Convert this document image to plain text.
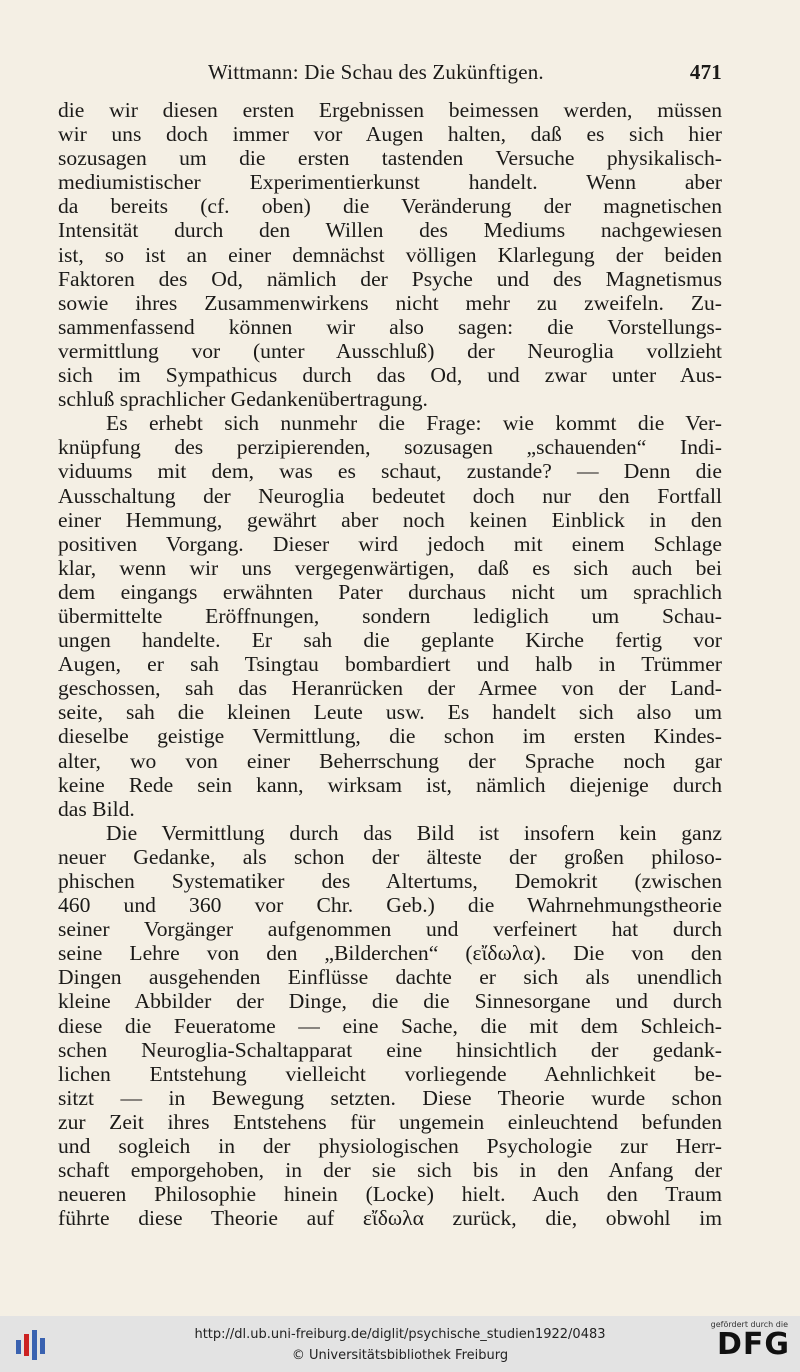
Wittmann: Die Schau des Zukünftigen.	471
die wir diesen ersten Ergebnissen beimessen werden, müssen
wir uns doch immer vor Augen halten, daß es sich hier
sozusagen um die ersten tastenden Versuche physikalisch-
mediumistischer Experimentierkunst handelt. Wenn aber
da bereits (cf. oben) die Veränderung der magnetischen
Intensität durch den Willen des Mediums nachgewiesen
ist, so ist an einer demnächst völligen Klarlegung der beiden
Faktoren des Od, nämlich der Psyche und des Magnetismus
sowie ihres Zusammenwirkens nicht mehr zu zweifeln. Zu-
sammenfassend können wir also sagen: die Vorstellungs-
vermittlung vor (unter Ausschluß) der Neuroglia vollzieht
sich im Sympathicus durch das Od, und zwar unter Aus-
schluß sprachlicher Gedankenübertragung.
Es erhebt sich nunmehr die Frage: wie kommt die Ver-
knüpfung des perzipierenden, sozusagen „schauenden“ Indi-
viduums mit dem, was es schaut, zustande? — Denn die
Ausschaltung der Neuroglia bedeutet doch nur den Fortfall
einer Hemmung, gewährt aber noch keinen Einblick in den
positiven Vorgang. Dieser wird jedoch mit einem Schlage
klar, wenn wir uns vergegenwärtigen, daß es sich auch bei
dem eingangs erwähnten Pater durchaus nicht um sprachlich
übermittelte Eröffnungen, sondern lediglich um Schau-
ungen handelte. Er sah die geplante Kirche fertig vor
Augen, er sah Tsingtau bombardiert und halb in Trümmer
geschossen, sah das Heranrücken der Armee von der Land-
seite, sah die kleinen Leute usw. Es handelt sich also um
dieselbe geistige Vermittlung, die schon im ersten Kindes-
alter, wo von einer Beherrschung der Sprache noch gar
keine Rede sein kann, wirksam ist, nämlich diejenige durch
das Bild.
Die Vermittlung durch das Bild ist insofern kein ganz
neuer Gedanke, als schon der älteste der großen philoso-
phischen Systematiker des Altertums, Demokrit (zwischen
460 und 360 vor Chr. Geb.) die Wahrnehmungstheorie
seiner Vorgänger aufgenommen und verfeinert hat durch
seine Lehre von den „Bilderchen“ (εἴδωλα). Die von den
Dingen ausgehenden Einflüsse dachte er sich als unendlich
kleine Abbilder der Dinge, die die Sinnesorgane und durch
diese die Feueratome — eine Sache, die mit dem Schleich-
schen Neuroglia-Schaltapparat eine hinsichtlich der gedank-
lichen Entstehung vielleicht vorliegende Aehnlichkeit be-
sitzt — in Bewegung setzten. Diese Theorie wurde schon
zur Zeit ihres Entstehens für ungemein einleuchtend befunden
und sogleich in der physiologischen Psychologie zur Herr-
schaft emporgehoben, in der sie sich bis in den Anfang der
neueren Philosophie hinein (Locke) hielt. Auch den Traum
führte diese Theorie auf εἴδωλα zurück, die, obwohl im
http://dl.ub.uni-freiburg.de/diglit/psychische_studien1922/0483
© Universitätsbibliothek Freiburg
gefördert durch die
DFG
